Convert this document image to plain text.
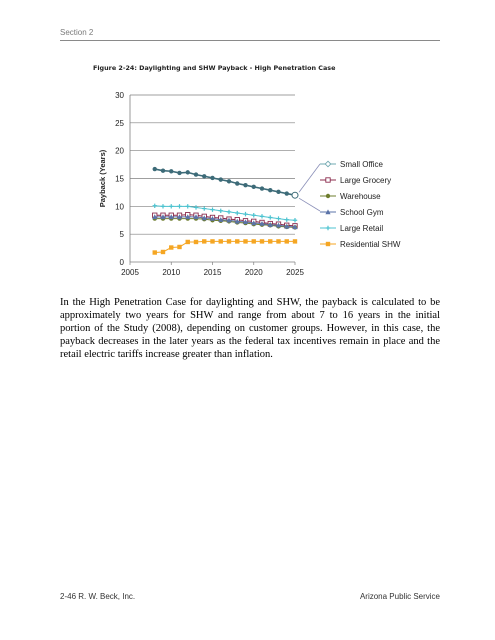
Section 2
Figure 2-24: Daylighting and SHW Payback - High Penetration Case
0
5
10
15
20
25
30
2005	2010	2015	2020	2025
Payback (Years)	Small Office
Large Grocery
Warehouse
School Gym
Large Retail
Residential SHW

In the High Penetration Case for daylighting and SHW, the payback is calculated to be approximately two years for SHW and range from about 7 to 16 years in the initial portion of the Study (2008), depending on customer groups. However, in this case, the payback decreases in the later years as the federal tax incentives remain in place and the retail electric tariffs increase greater than inflation.

2-46 R. W. Beck, Inc.	Arizona Public Service
